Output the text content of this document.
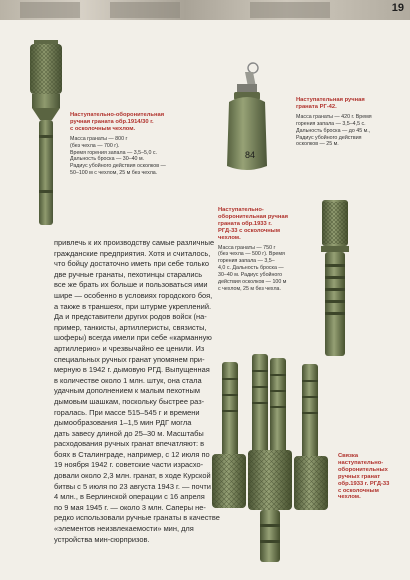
19
Наступательно-оборонительная
ручная граната обр.1914/30 г.
с осколочным чехлом.
Масса гранаты — 800 г
(без чехла — 700 г).
Время горения запала — 3,5–5,0 с.
Дальность броска — 30–40 м.
Радиус убойного действия осколков —
50–100 м с чехлом, 25 м без чехла.
84
Наступательная ручная
граната РГ-42.
Масса гранаты — 420 г. Время
горения запала — 3,5–4,5 с.
Дальность броска — до 45 м.,
Радиус убойного действия
осколков — 25 м.
Наступательно-
оборонительная ручная
граната обр.1933 г.
РГД-33 с осколочным
чехлом.
Масса гранаты — 750 г
(без чехла — 500 г). Время
горения запала — 3,5–
4,0 с. Дальность броска —
30–40 м. Радиус убойного
действия осколков — 100 м
с чехлом, 25 м без чехла.
привлечь к их производству самые различные
гражданские предприятия. Хотя и считалось,
что бойцу достаточно иметь при себе только
две ручные гранаты, пехотинцы старались
все же брать их больше и пользоваться ими
шире — особенно в условиях городского боя,
а также в траншеях, при штурме укреплений.
Да и представители других родов войск (на-
пример, танкисты, артиллеристы, связисты,
шоферы) всегда имели при себе «карманную
артиллерию» и чрезвычайно ее ценили. Из
специальных ручных гранат упомянем при-
мерную в 1942 г. дымовую РГД. Выпущенная
в количестве около 1 млн. штук, она стала
удачным дополнением к малым пехотным
дымовым шашкам, поскольку быстрее раз-
горалась. При массе 515–545 г и времени
дымообразования 1–1,5 мин РДГ могла
дать завесу длиной до 25–30 м. Масштабы
расходования ручных гранат впечатляют: в
боях в Сталинграде, например, с 12 июля по
19 ноября 1942 г. советские части израсхо-
довали около 2,3 млн. гранат, в ходе Курской
битвы с 5 июля по 23 августа 1943 г. — почти
4 млн., в Берлинской операции с 16 апреля
по 9 мая 1945 г. — около 3 млн. Саперы не-
редко использовали ручные гранаты в качестве
«элементов неизвлекаемости» мин, для
устройства мин-сюрпризов.
Связка
наступательно-
оборонительных
ручных гранат
обр.1933 г. РГД-33
с осколочным
чехлом.
